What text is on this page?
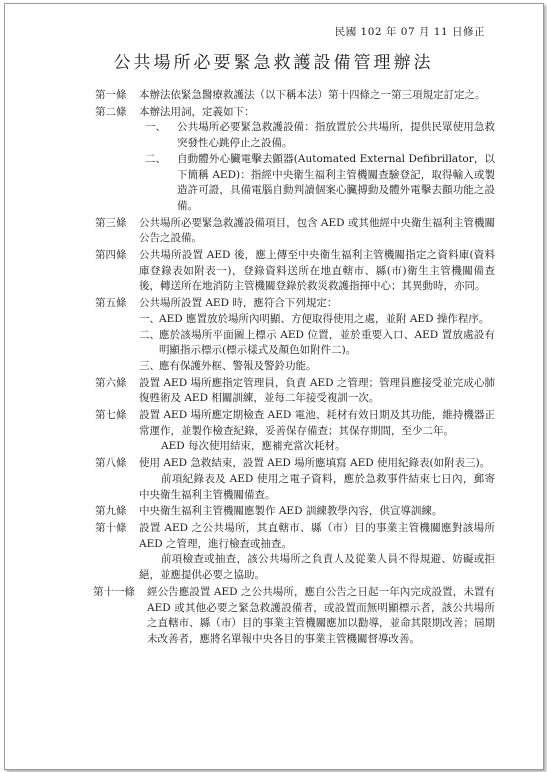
民國 102 年 07 月 11 日修正
公共場所必要緊急救護設備管理辦法
第一條 本辦法依緊急醫療救護法（以下稱本法）第十四條之一第三項規定訂定之。

第二條 本辦法用詞，定義如下：

一、 公共場所必要緊急救護設備：指放置於公共場所，提供民眾使用急救突發性心跳停止之設備。
二、 自動體外心臟電擊去顫器(Automated External Defibrillator，以下簡稱 AED)：指經中央衛生福利主管機關查驗登記，取得輸入或製造許可證，具備電腦自動判讀個案心臟搏動及體外電擊去顫功能之設備。
第三條 公共場所必要緊急救護設備項目，包含 AED 或其他經中央衛生福利主管機關公告之設備。

第四條 公共場所設置 AED 後，應上傳至中央衛生福利主管機關指定之資料庫(資料庫登錄表如附表一)，登錄資料送所在地直轄市、縣(市)衛生主管機關備查後，轉送所在地消防主管機關登錄於救災救護指揮中心；其異動時，亦同。

第五條 公共場所設置 AED 時，應符合下列規定：

一、 AED 應置放於場所內明顯、方便取得使用之處，並附 AED 操作程序。
二、 應於該場所平面圖上標示 AED 位置，並於重要入口、AED 置放處設有明顯指示標示(標示樣式及顏色如附件二)。
三、 應有保護外框、警報及警鈴功能。
第六條 設置 AED 場所應指定管理員，負責 AED 之管理；管理員應接受並完成心肺復甦術及 AED 相關訓練，並每二年接受複訓一次。

第七條 設置 AED 場所應定期檢查 AED 電池、耗材有效日期及其功能，維持機器正常運作，並製作檢查紀錄，妥善保存備查；其保存期間，至少二年。

AED 每次使用結束，應補充當次耗材。

第八條 使用 AED 急救結束，設置 AED 場所應填寫 AED 使用紀錄表(如附表三)。

前項紀錄表及 AED 使用之電子資料，應於急救事件結束七日內，郵寄中央衛生福利主管機關備查。

第九條 中央衛生福利主管機關應製作 AED 訓練教學內容，供宣導訓練。

第十條 設置 AED 之公共場所，其直轄市、縣（市）目的事業主管機關應對該場所 AED 之管理，進行檢查或抽查。

前項檢查或抽查，該公共場所之負責人及從業人員不得規避、妨礙或拒絕，並應提供必要之協助。

第十一條 經公告應設置 AED 之公共場所，應自公告之日起一年內完成設置，未置有 AED 或其他必要之緊急救護設備者，或設置而無明顯標示者，該公共場所之直轄市、縣（市）目的事業主管機關應加以勸導，並命其限期改善；屆期未改善者，應將名單報中央各目的事業主管機關督導改善。
